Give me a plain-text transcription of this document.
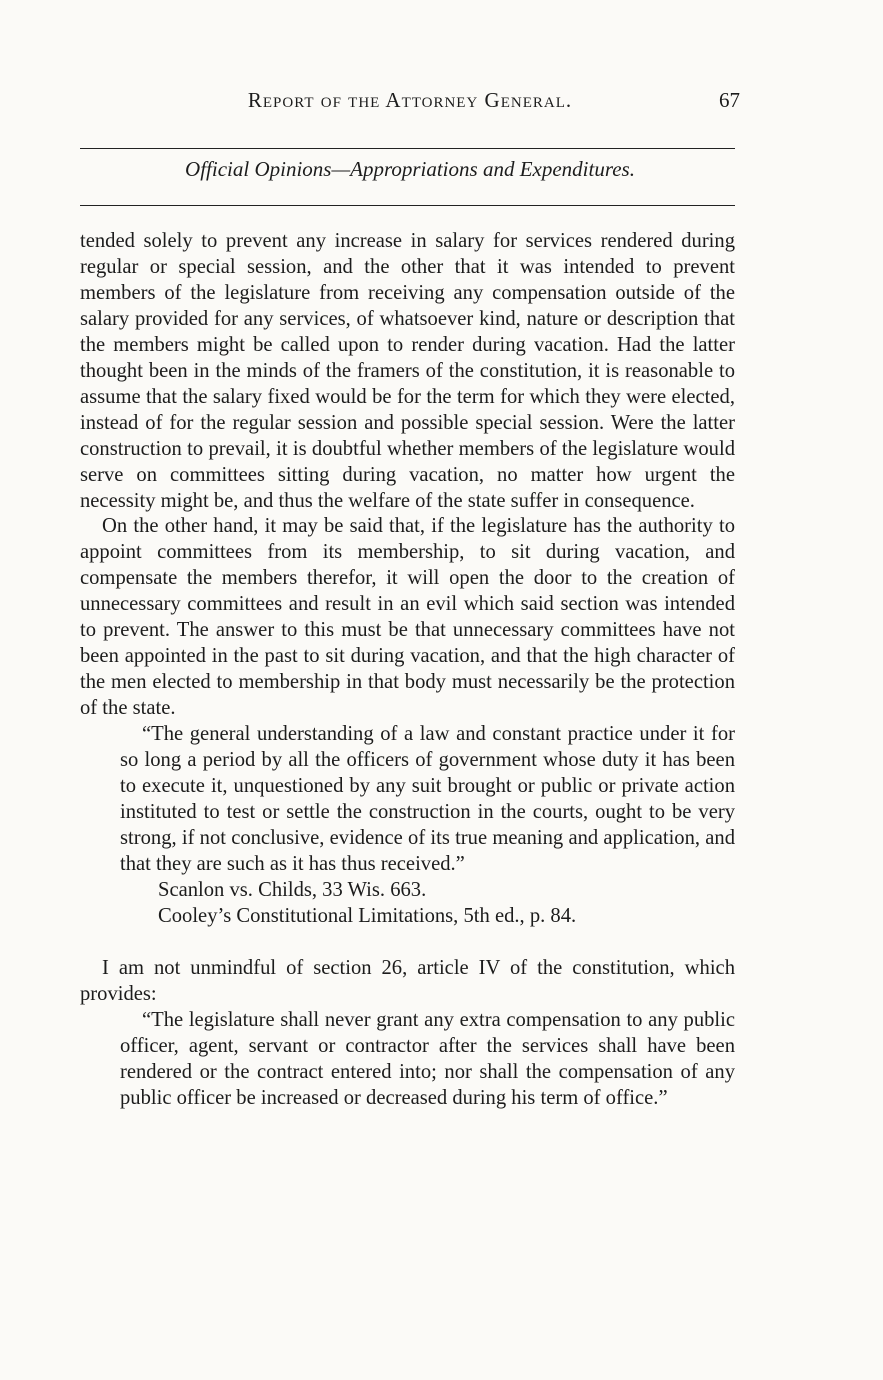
Report of the Attorney General.	67
Official Opinions—Appropriations and Expenditures.

tended solely to prevent any increase in salary for services rendered during regular or special session, and the other that it was intended to prevent members of the legislature from receiving any compensation outside of the salary provided for any services, of whatsoever kind, nature or description that the members might be called upon to render during vacation. Had the latter thought been in the minds of the framers of the constitution, it is reasonable to assume that the salary fixed would be for the term for which they were elected, instead of for the regular session and possible special session. Were the latter construction to prevail, it is doubtful whether members of the legislature would serve on committees sitting during vacation, no matter how urgent the necessity might be, and thus the welfare of the state suffer in consequence.

On the other hand, it may be said that, if the legislature has the authority to appoint committees from its membership, to sit during vacation, and compensate the members therefor, it will open the door to the creation of unnecessary committees and result in an evil which said section was intended to prevent. The answer to this must be that unnecessary committees have not been appointed in the past to sit during vacation, and that the high character of the men elected to membership in that body must necessarily be the protection of the state.

“The general understanding of a law and constant practice under it for so long a period by all the officers of government whose duty it has been to execute it, unquestioned by any suit brought or public or private action instituted to test or settle the construction in the courts, ought to be very strong, if not conclusive, evidence of its true meaning and application, and that they are such as it has thus received.”

Scanlon vs. Childs, 33 Wis. 663.

Cooley’s Constitutional Limitations, 5th ed., p. 84.

I am not unmindful of section 26, article IV of the constitution, which provides:

“The legislature shall never grant any extra compensation to any public officer, agent, servant or contractor after the services shall have been rendered or the contract entered into; nor shall the compensation of any public officer be increased or decreased during his term of office.”
